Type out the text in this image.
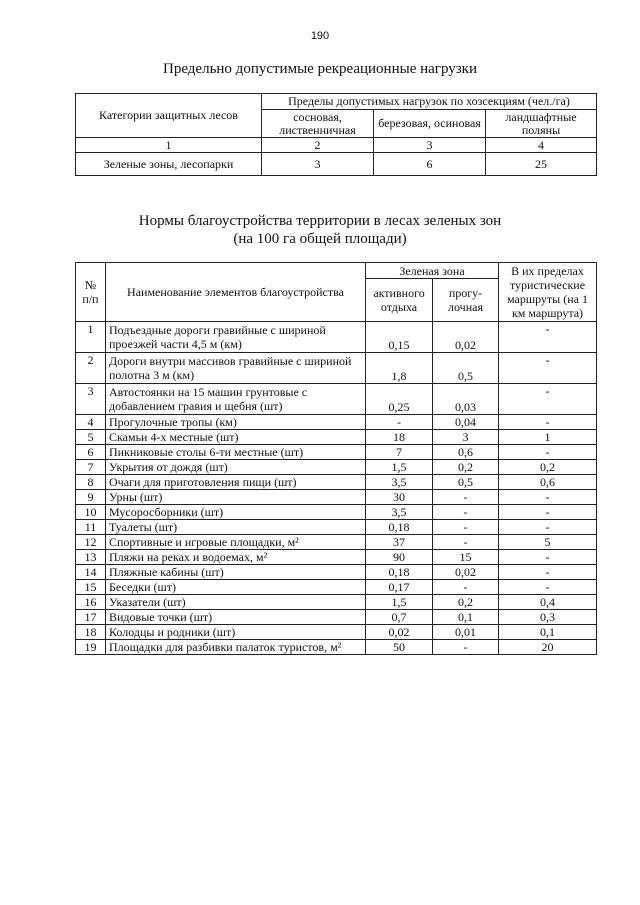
190
Предельно допустимые рекреационные нагрузки
Категории защитных лесов	Пределы допустимых нагрузок по хозсекциям (чел./га)		
	сосновая, лиственничная	березовая, осиновая	ландшафтные поляны
1	2	3	4
Зеленые зоны, лесопарки	3	6	25
Нормы благоустройства территории в лесах зеленых зон
(на 100 га общей площади)
№ п/п	Наименование элементов благоустройства	Зеленая зона		В их пределах туристические маршруты (на 1 км маршрута)
		активного отдыха	прогу-лочная	
1	Подъездные дороги гравийные с шириной проезжей части 4,5 м (км)	0,15	0,02	-
2	Дороги внутри массивов гравийные с шириной полотна 3 м (км)	1,8	0,5	-
3	Автостоянки на 15 машин грунтовые с добавлением гравия и щебня (шт)	0,25	0,03	-
4	Прогулочные тропы (км)	-	0,04	-
5	Скамьи 4-х местные (шт)	18	3	1
6	Пикниковые столы 6-ти местные (шт)	7	0,6	-
7	Укрытия от дождя (шт)	1,5	0,2	0,2
8	Очаги для приготовления пищи (шт)	3,5	0,5	0,6
9	Урны (шт)	30	-	-
10	Мусоросборники (шт)	3,5	-	-
11	Туалеты (шт)	0,18	-	-
12	Спортивные и игровые площадки, м²	37	-	5
13	Пляжи на реках и водоемах, м²	90	15	-
14	Пляжные кабины (шт)	0,18	0,02	-
15	Беседки (шт)	0,17	-	-
16	Указатели (шт)	1,5	0,2	0,4
17	Видовые точки (шт)	0,7	0,1	0,3
18	Колодцы и родники (шт)	0,02	0,01	0,1
19	Площадки для разбивки палаток туристов, м²	50	-	20
